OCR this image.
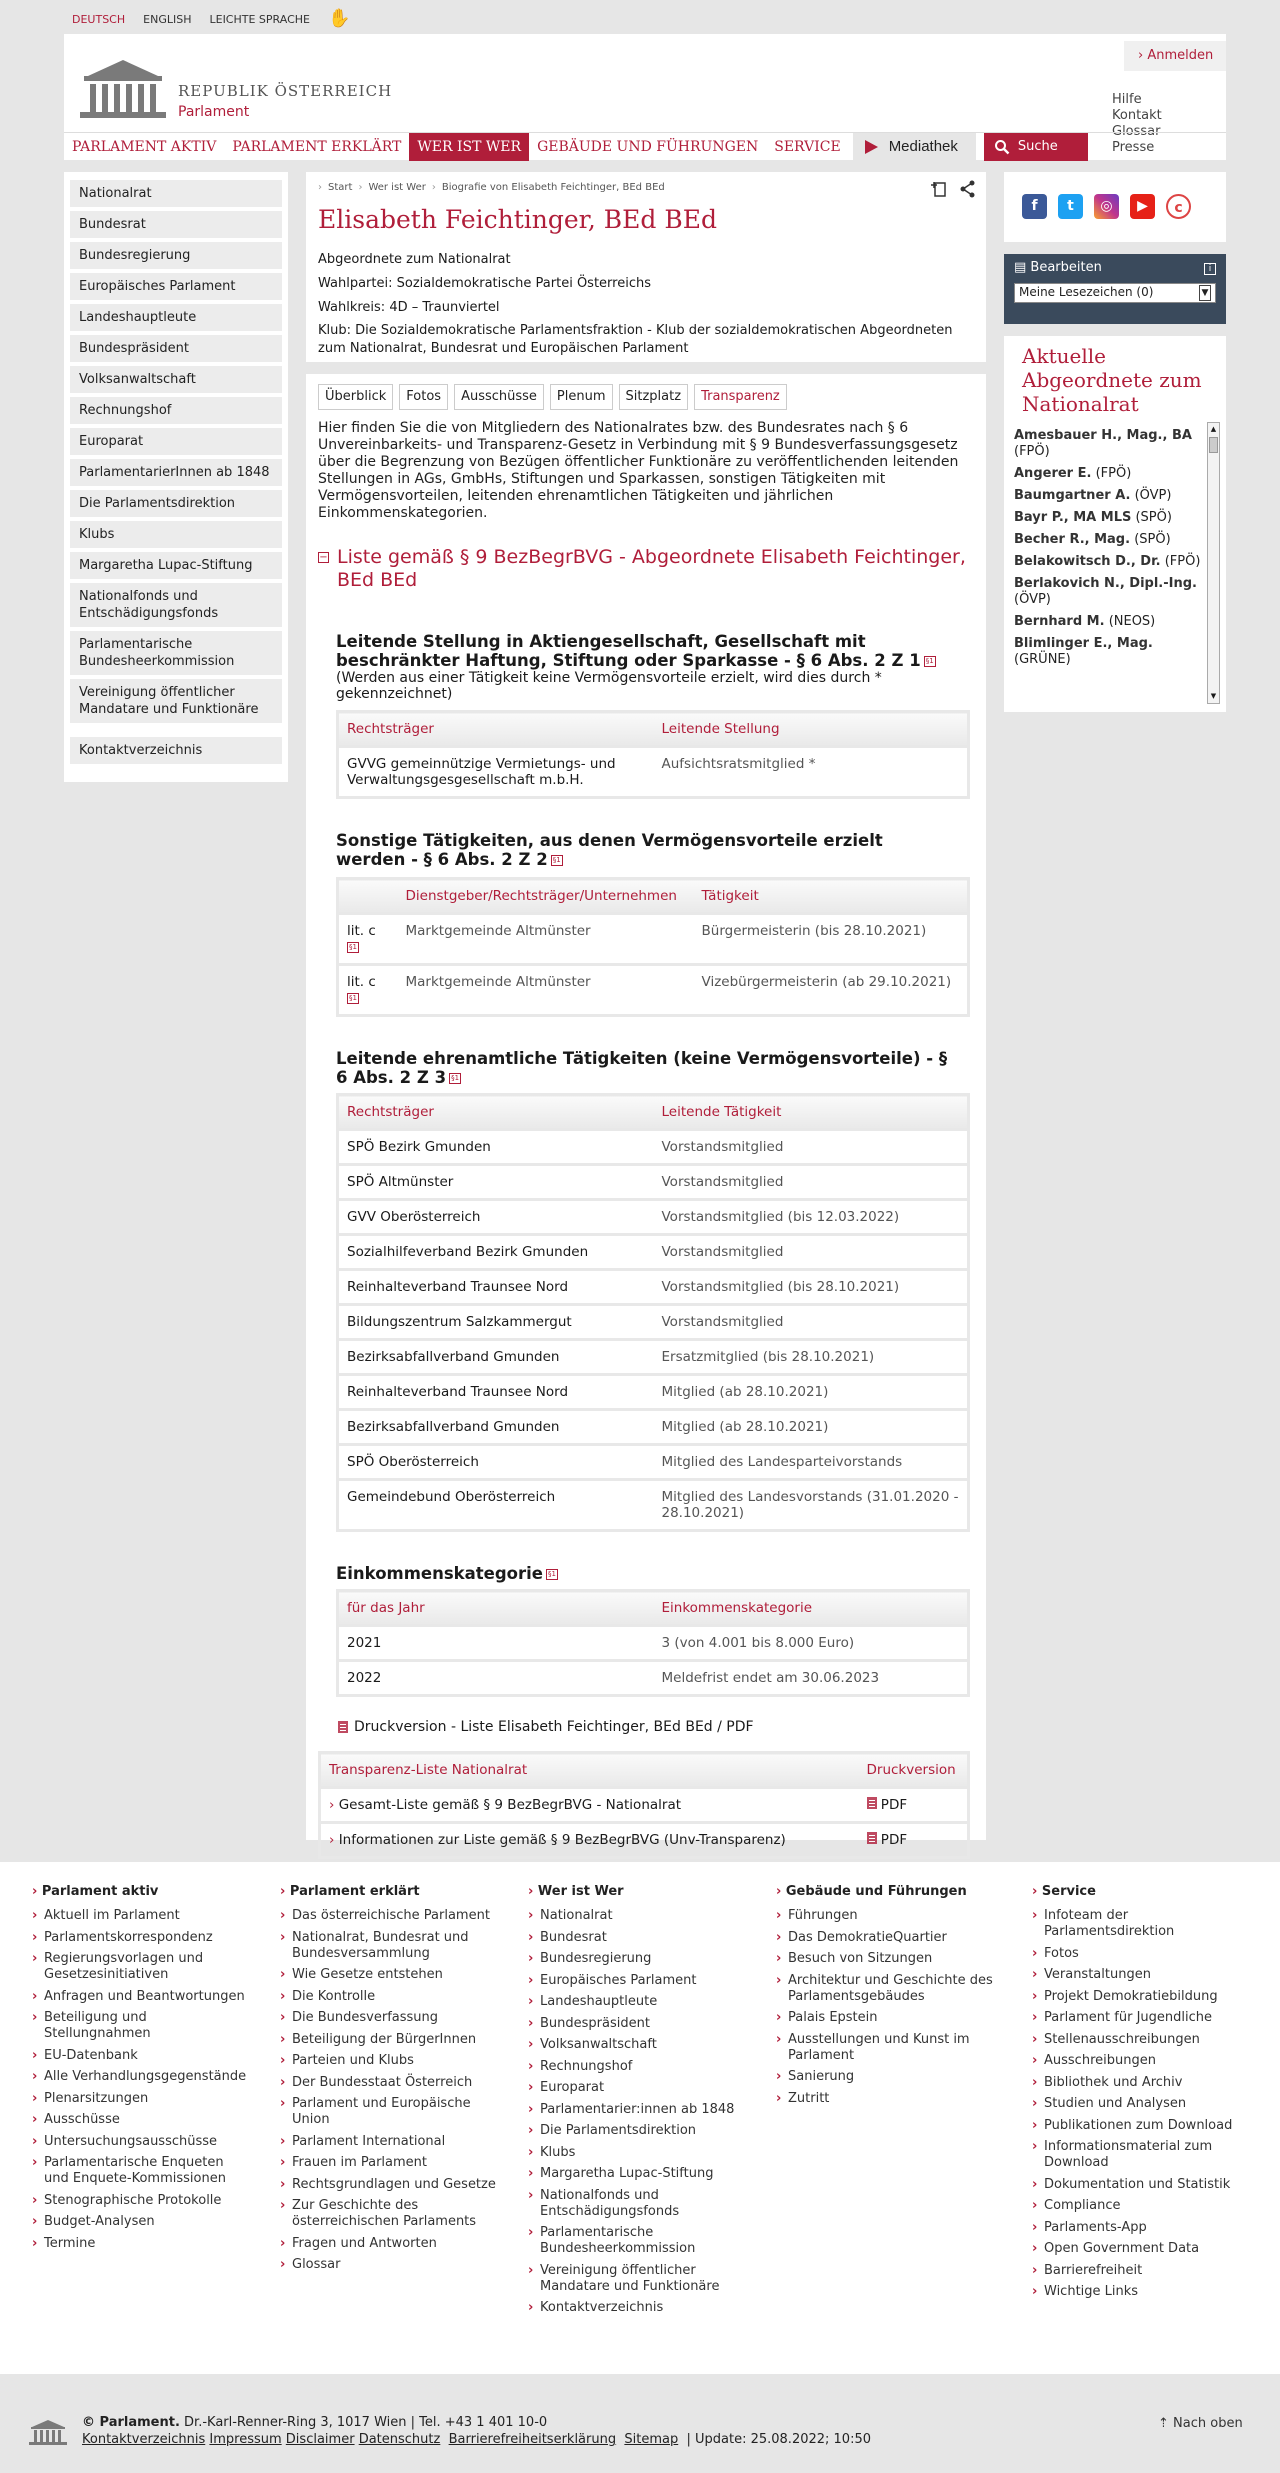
DEUTSCH ENGLISH LEICHTE SPRACHE ✋
REPUBLIK ÖSTERREICH
Parlament
› Anmelden
Hilfe
Kontakt
Glossar
Presse
PARLAMENT AKTIV	PARLAMENT ERKLÄRT	WER IST WER	GEBÄUDE UND FÜHRUNGEN	SERVICE	Mediathek	Suche
Nationalrat
Bundesrat
Bundesregierung
Europäisches Parlament
Landeshauptleute
Bundespräsident
Volksanwaltschaft
Rechnungshof
Europarat
ParlamentarierInnen ab 1848
Die Parlamentsdirektion
Klubs
Margaretha Lupac-Stiftung
Nationalfonds und Entschädigungsfonds
Parlamentarische Bundesheerkommission
Vereinigung öffentlicher Mandatare und Funktionäre
Kontaktverzeichnis
› Start › Wer ist Wer › Biografie von Elisabeth Feichtinger, BEd BEd
Elisabeth Feichtinger, BEd BEd
Abgeordnete zum Nationalrat
Wahlpartei: Sozialdemokratische Partei Österreichs
Wahlkreis: 4D – Traunviertel
Klub: Die Sozialdemokratische Parlamentsfraktion - Klub der sozialdemokratischen Abgeordneten zum Nationalrat, Bundesrat und Europäischen Parlament
Überblick	Fotos	Ausschüsse	Plenum	Sitzplatz	Transparenz
Hier finden Sie die von Mitgliedern des Nationalrates bzw. des Bundesrates nach § 6 Unvereinbarkeits- und Transparenz-Gesetz in Verbindung mit § 9 Bundesverfassungsgesetz über die Begrenzung von Bezügen öffentlicher Funktionäre zu veröffentlichenden leitenden Stellungen in AGs, GmbHs, Stiftungen und Sparkassen, sonstigen Tätigkeiten mit Vermögensvorteilen, leitenden ehrenamtlichen Tätigkeiten und jährlichen Einkommenskategorien.
− Liste gemäß § 9 BezBegrBVG - Abgeordnete Elisabeth Feichtinger, BEd BEd
Leitende Stellung in Aktiengesellschaft, Gesellschaft mit beschränkter Haftung, Stiftung oder Sparkasse - § 6 Abs. 2 Z 1 §1
(Werden aus einer Tätigkeit keine Vermögensvorteile erzielt, wird dies durch * gekennzeichnet)
Rechtsträger	Leitende Stellung
GVVG gemeinnützige Vermietungs- und Verwaltungsgesgesellschaft m.b.H.	Aufsichtsratsmitglied *
Sonstige Tätigkeiten, aus denen Vermögensvorteile erzielt werden - § 6 Abs. 2 Z 2 §1
	Dienstgeber/Rechtsträger/Unternehmen	Tätigkeit
lit. c
§1	Marktgemeinde Altmünster	Bürgermeisterin (bis 28.10.2021)
lit. c
§1	Marktgemeinde Altmünster	Vizebürgermeisterin (ab 29.10.2021)
Leitende ehrenamtliche Tätigkeiten (keine Vermögensvorteile) - § 6 Abs. 2 Z 3 §1
Rechtsträger	Leitende Tätigkeit
SPÖ Bezirk Gmunden	Vorstandsmitglied
SPÖ Altmünster	Vorstandsmitglied
GVV Oberösterreich	Vorstandsmitglied (bis 12.03.2022)
Sozialhilfeverband Bezirk Gmunden	Vorstandsmitglied
Reinhalteverband Traunsee Nord	Vorstandsmitglied (bis 28.10.2021)
Bildungszentrum Salzkammergut	Vorstandsmitglied
Bezirksabfallverband Gmunden	Ersatzmitglied (bis 28.10.2021)
Reinhalteverband Traunsee Nord	Mitglied (ab 28.10.2021)
Bezirksabfallverband Gmunden	Mitglied (ab 28.10.2021)
SPÖ Oberösterreich	Mitglied des Landesparteivorstands
Gemeindebund Oberösterreich	Mitglied des Landesvorstands (31.01.2020 - 28.10.2021)
Einkommenskategorie §1
für das Jahr	Einkommenskategorie
2021	3 (von 4.001 bis 8.000 Euro)
2022	Meldefrist endet am 30.06.2023
Druckversion - Liste Elisabeth Feichtinger, BEd BEd / PDF
Transparenz-Liste Nationalrat	Druckversion
› Gesamt-Liste gemäß § 9 BezBegrBVG - Nationalrat	PDF
› Informationen zur Liste gemäß § 9 BezBegrBVG (Unv-Transparenz)	PDF
f	t	◎	▶	c
▤ Bearbeiten	i
Meine Lesezeichen (0)	▼
Aktuelle Abgeordnete zum Nationalrat
Amesbauer H., Mag., BA (FPÖ)
Angerer E. (FPÖ)
Baumgartner A. (ÖVP)
Bayr P., MA MLS (SPÖ)
Becher R., Mag. (SPÖ)
Belakowitsch D., Dr. (FPÖ)
Berlakovich N., Dipl.-Ing. (ÖVP)
Bernhard M. (NEOS)
Blimlinger E., Mag. (GRÜNE)
▲
▼
› Parlament aktiv
› Aktuell im Parlament
› Parlamentskorrespondenz
› Regierungsvorlagen und Gesetzesinitiativen
› Anfragen und Beantwortungen
› Beteiligung und Stellungnahmen
› EU-Datenbank
› Alle Verhandlungsgegenstände
› Plenarsitzungen
› Ausschüsse
› Untersuchungsausschüsse
› Parlamentarische Enqueten und Enquete-Kommissionen
› Stenographische Protokolle
› Budget-Analysen
› Termine
› Parlament erklärt
› Das österreichische Parlament
› Nationalrat, Bundesrat und Bundesversammlung
› Wie Gesetze entstehen
› Die Kontrolle
› Die Bundesverfassung
› Beteiligung der BürgerInnen
› Parteien und Klubs
› Der Bundesstaat Österreich
› Parlament und Europäische Union
› Parlament International
› Frauen im Parlament
› Rechtsgrundlagen und Gesetze
› Zur Geschichte des österreichischen Parlaments
› Fragen und Antworten
› Glossar
› Wer ist Wer
› Nationalrat
› Bundesrat
› Bundesregierung
› Europäisches Parlament
› Landeshauptleute
› Bundespräsident
› Volksanwaltschaft
› Rechnungshof
› Europarat
› Parlamentarier:innen ab 1848
› Die Parlamentsdirektion
› Klubs
› Margaretha Lupac-Stiftung
› Nationalfonds und Entschädigungsfonds
› Parlamentarische Bundesheerkommission
› Vereinigung öffentlicher Mandatare und Funktionäre
› Kontaktverzeichnis
› Gebäude und Führungen
› Führungen
› Das DemokratieQuartier
› Besuch von Sitzungen
› Architektur und Geschichte des Parlamentsgebäudes
› Palais Epstein
› Ausstellungen und Kunst im Parlament
› Sanierung
› Zutritt
› Service
› Infoteam der Parlamentsdirektion
› Fotos
› Veranstaltungen
› Projekt Demokratiebildung
› Parlament für Jugendliche
› Stellenausschreibungen
› Ausschreibungen
› Bibliothek und Archiv
› Studien und Analysen
› Publikationen zum Download
› Informationsmaterial zum Download
› Dokumentation und Statistik
› Compliance
› Parlaments-App
› Open Government Data
› Barrierefreiheit
› Wichtige Links
© Parlament. Dr.-Karl-Renner-Ring 3, 1017 Wien | Tel. +43 1 401 10-0
Kontaktverzeichnis Impressum Disclaimer Datenschutz Barrierefreiheitserklärung Sitemap | Update: 25.08.2022; 10:50
⇡ Nach oben
